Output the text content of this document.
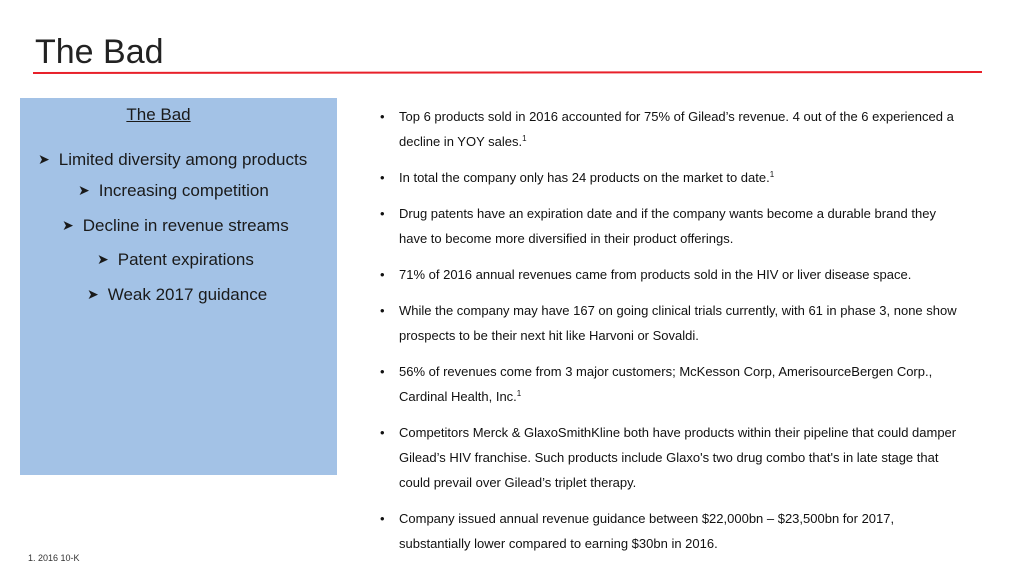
The Bad
The Bad
➤ Limited diversity among products
➤ Increasing competition
➤ Decline in revenue streams
➤ Patent expirations
➤ Weak 2017 guidance
• Top 6 products sold in 2016 accounted for 75% of Gilead’s revenue. 4 out of the 6 experienced a decline in YOY sales.$^1$
• In total the company only has 24 products on the market to date.$^1$
• Drug patents have an expiration date and if the company wants become a durable brand they have to become more diversified in their product offerings.
• 71% of 2016 annual revenues came from products sold in the HIV or liver disease space.
• While the company may have 167 on going clinical trials currently, with 61 in phase 3, none show prospects to be their next hit like Harvoni or Sovaldi.
• 56% of revenues come from 3 major customers; McKesson Corp, AmerisourceBergen Corp., Cardinal Health, Inc.$^1$
• Competitors Merck & GlaxoSmithKline both have products within their pipeline that could damper Gilead’s HIV franchise. Such products include Glaxo's two drug combo that's in late stage that could prevail over Gilead’s triplet therapy.
• Company issued annual revenue guidance between $22,000bn – $23,500bn for 2017, substantially lower compared to earning $30bn in 2016.
1. 2016 10-K
